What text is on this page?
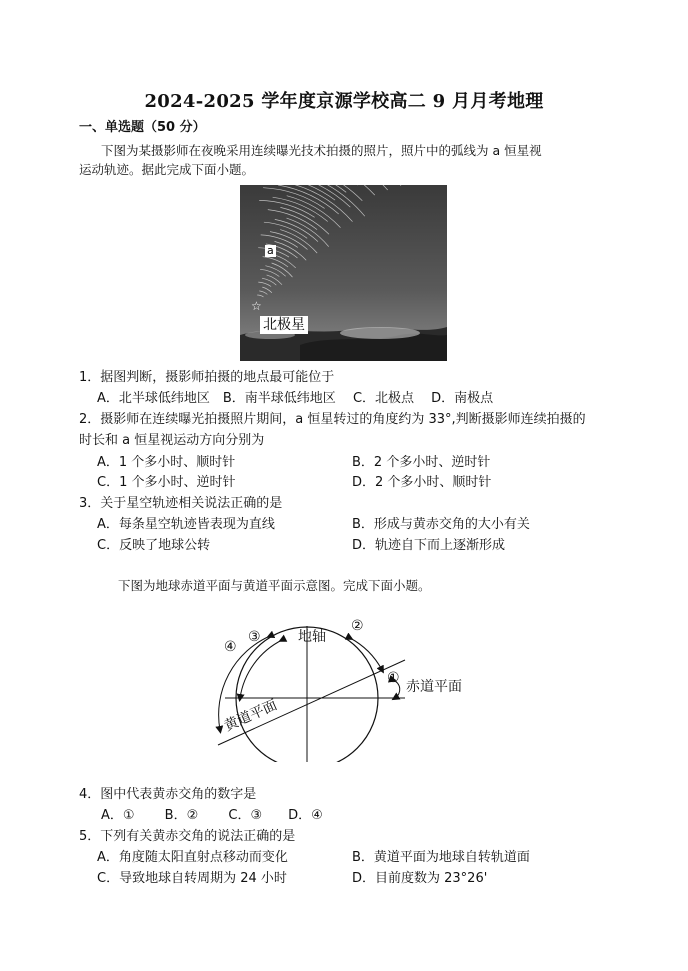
2024-2025 学年度京源学校高二 9 月月考地理
一、单选题（50 分）
下图为某摄影师在夜晚采用连续曝光技术拍摄的照片，照片中的弧线为 a 恒星视
运动轨迹。据此完成下面小题。
a
☆
北极星
1．据图判断，摄影师拍摄的地点最可能位于
A．北半球低纬地区　B．南半球低纬地区　 C．北极点　 D．南极点
2．摄影师在连续曝光拍摄照片期间，a 恒星转过的角度约为 33°,判断摄影师连续拍摄的
时长和 a 恒星视运动方向分别为
A．1 个多小时、顺时针	B．2 个多小时、逆时针
C．1 个多小时、逆时针	D．2 个多小时、顺时针
3．关于星空轨迹相关说法正确的是
A．每条星空轨迹皆表现为直线	B．形成与黄赤交角的大小有关
C．反映了地球公转	D．轨迹自下而上逐渐形成
下图为地球赤道平面与黄道平面示意图。完成下面小题。
地轴
赤道平面
黄道平面
①
②
③
④
4．图中代表黄赤交角的数字是
A．①　　 B．②　　 C．③　　D．④
5．下列有关黄赤交角的说法正确的是
A．角度随太阳直射点移动而变化	B．黄道平面为地球自转轨道面
C．导致地球自转周期为 24 小时	D．目前度数为 23°26'
